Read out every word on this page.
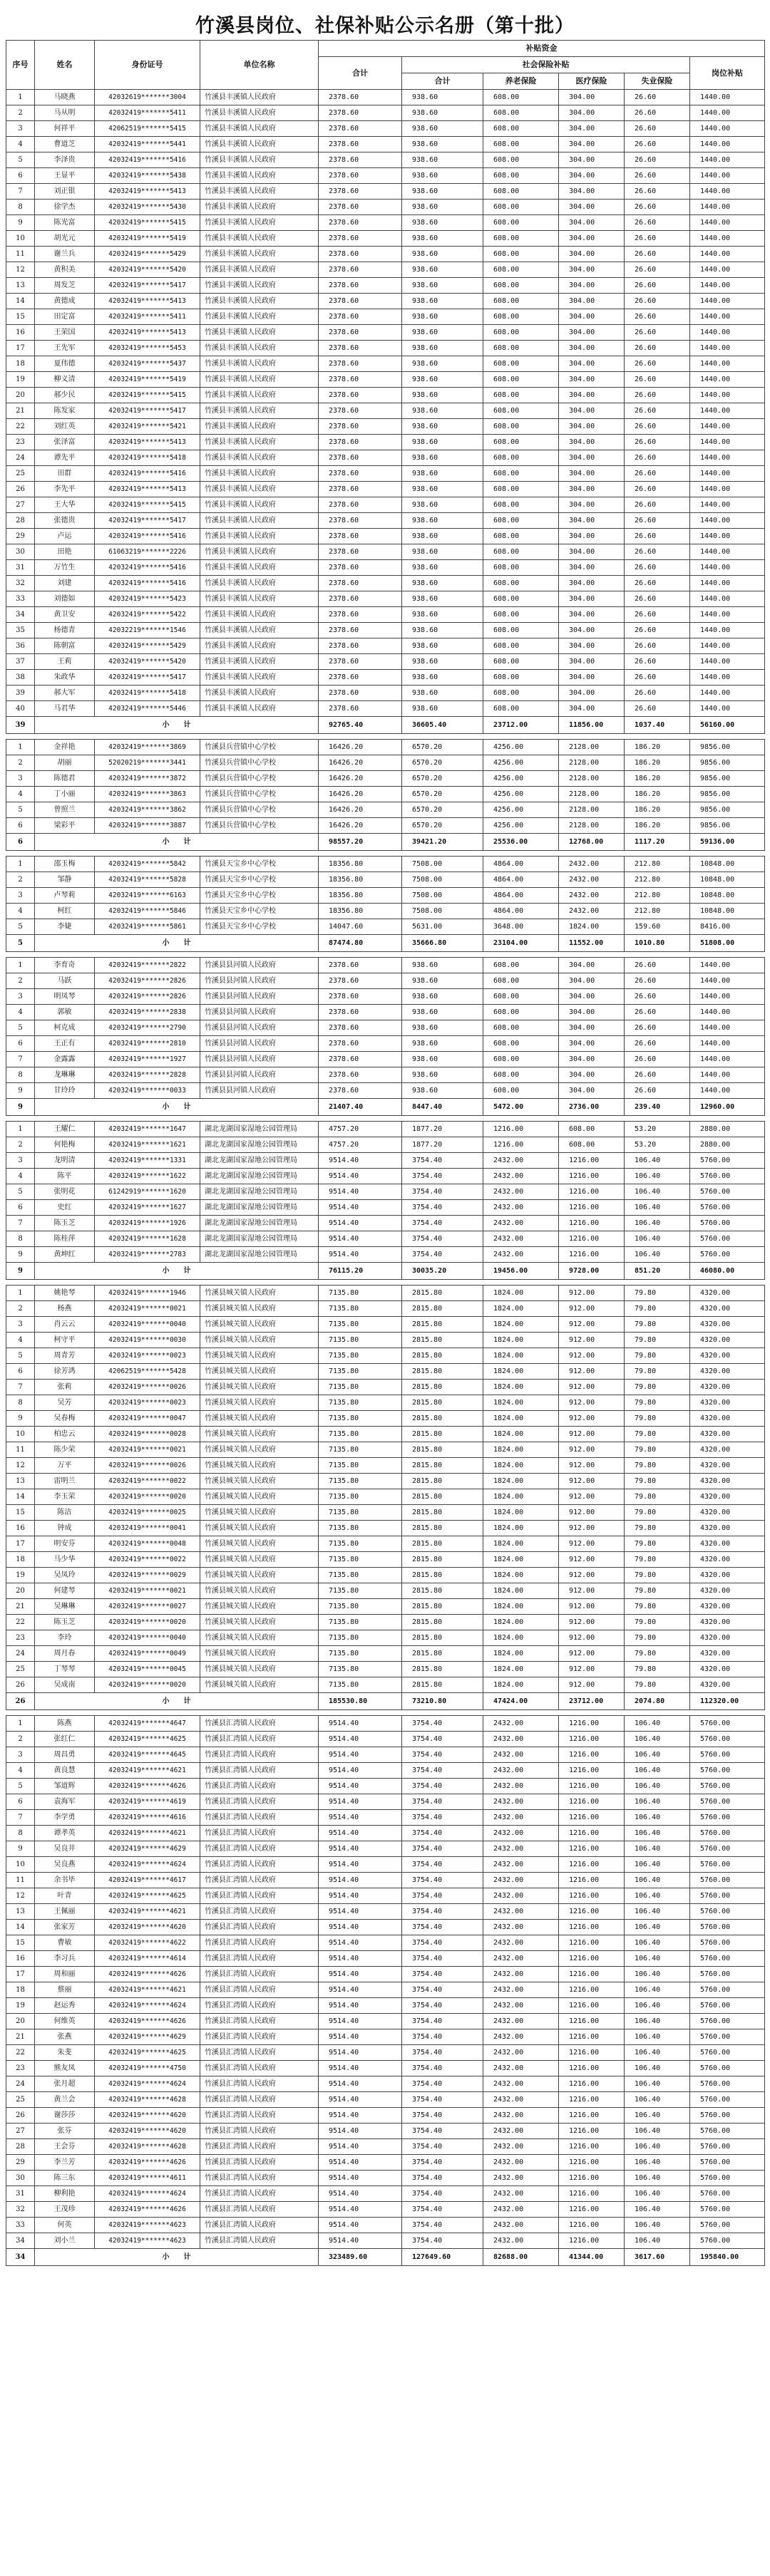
竹溪县岗位、社保补贴公示名册（第十批）
序号	姓名	身份证号	单位名称	补贴资金					
				合计	社会保险补贴				岗位补贴
					合计	养老保险	医疗保险	失业保险	
1	马晓燕	42032619*******3004	竹溪县丰溪镇人民政府	2378.60	938.60	608.00	304.00	26.60	1440.00
2	马从明	42032419*******5411	竹溪县丰溪镇人民政府	2378.60	938.60	608.00	304.00	26.60	1440.00
3	何祥平	42062519*******5415	竹溪县丰溪镇人民政府	2378.60	938.60	608.00	304.00	26.60	1440.00
4	曹道芝	42032419*******5441	竹溪县丰溪镇人民政府	2378.60	938.60	608.00	304.00	26.60	1440.00
5	李泽贵	42032419*******5416	竹溪县丰溪镇人民政府	2378.60	938.60	608.00	304.00	26.60	1440.00
6	王显平	42032419*******5438	竹溪县丰溪镇人民政府	2378.60	938.60	608.00	304.00	26.60	1440.00
7	刘正银	42032419*******5413	竹溪县丰溪镇人民政府	2378.60	938.60	608.00	304.00	26.60	1440.00
8	徐学杰	42032419*******5430	竹溪县丰溪镇人民政府	2378.60	938.60	608.00	304.00	26.60	1440.00
9	陈光富	42032419*******5415	竹溪县丰溪镇人民政府	2378.60	938.60	608.00	304.00	26.60	1440.00
10	胡光元	42032419*******5419	竹溪县丰溪镇人民政府	2378.60	938.60	608.00	304.00	26.60	1440.00
11	谢兰兵	42032419*******5429	竹溪县丰溪镇人民政府	2378.60	938.60	608.00	304.00	26.60	1440.00
12	黄积美	42032419*******5420	竹溪县丰溪镇人民政府	2378.60	938.60	608.00	304.00	26.60	1440.00
13	周发芝	42032419*******5417	竹溪县丰溪镇人民政府	2378.60	938.60	608.00	304.00	26.60	1440.00
14	黄德成	42032419*******5413	竹溪县丰溪镇人民政府	2378.60	938.60	608.00	304.00	26.60	1440.00
15	田定富	42032419*******5411	竹溪县丰溪镇人民政府	2378.60	938.60	608.00	304.00	26.60	1440.00
16	王荣国	42032419*******5413	竹溪县丰溪镇人民政府	2378.60	938.60	608.00	304.00	26.60	1440.00
17	王先军	42032419*******5453	竹溪县丰溪镇人民政府	2378.60	938.60	608.00	304.00	26.60	1440.00
18	夏伟德	42032419*******5437	竹溪县丰溪镇人民政府	2378.60	938.60	608.00	304.00	26.60	1440.00
19	柳义清	42032419*******5419	竹溪县丰溪镇人民政府	2378.60	938.60	608.00	304.00	26.60	1440.00
20	郝少民	42032419*******5415	竹溪县丰溪镇人民政府	2378.60	938.60	608.00	304.00	26.60	1440.00
21	陈发家	42032419*******5417	竹溪县丰溪镇人民政府	2378.60	938.60	608.00	304.00	26.60	1440.00
22	刘红英	42032419*******5421	竹溪县丰溪镇人民政府	2378.60	938.60	608.00	304.00	26.60	1440.00
23	张泽富	42032419*******5413	竹溪县丰溪镇人民政府	2378.60	938.60	608.00	304.00	26.60	1440.00
24	谭先平	42032419*******5418	竹溪县丰溪镇人民政府	2378.60	938.60	608.00	304.00	26.60	1440.00
25	田群	42032419*******5416	竹溪县丰溪镇人民政府	2378.60	938.60	608.00	304.00	26.60	1440.00
26	李先平	42032419*******5413	竹溪县丰溪镇人民政府	2378.60	938.60	608.00	304.00	26.60	1440.00
27	王大华	42032419*******5415	竹溪县丰溪镇人民政府	2378.60	938.60	608.00	304.00	26.60	1440.00
28	张德贵	42032419*******5417	竹溪县丰溪镇人民政府	2378.60	938.60	608.00	304.00	26.60	1440.00
29	卢运	42032419*******5416	竹溪县丰溪镇人民政府	2378.60	938.60	608.00	304.00	26.60	1440.00
30	田艳	61063219*******2226	竹溪县丰溪镇人民政府	2378.60	938.60	608.00	304.00	26.60	1440.00
31	万竹生	42032419*******5416	竹溪县丰溪镇人民政府	2378.60	938.60	608.00	304.00	26.60	1440.00
32	刘建	42032419*******5416	竹溪县丰溪镇人民政府	2378.60	938.60	608.00	304.00	26.60	1440.00
33	刘德如	42032419*******5423	竹溪县丰溪镇人民政府	2378.60	938.60	608.00	304.00	26.60	1440.00
34	黄卫安	42032419*******5422	竹溪县丰溪镇人民政府	2378.60	938.60	608.00	304.00	26.60	1440.00
35	杨德青	42032219*******1546	竹溪县丰溪镇人民政府	2378.60	938.60	608.00	304.00	26.60	1440.00
36	陈朝富	42032419*******5429	竹溪县丰溪镇人民政府	2378.60	938.60	608.00	304.00	26.60	1440.00
37	王莉	42032419*******5420	竹溪县丰溪镇人民政府	2378.60	938.60	608.00	304.00	26.60	1440.00
38	朱政华	42032419*******5417	竹溪县丰溪镇人民政府	2378.60	938.60	608.00	304.00	26.60	1440.00
39	郝大军	42032419*******5418	竹溪县丰溪镇人民政府	2378.60	938.60	608.00	304.00	26.60	1440.00
40	马君华	42032419*******5446	竹溪县丰溪镇人民政府	2378.60	938.60	608.00	304.00	26.60	1440.00
39	小　　计			92765.40	36605.40	23712.00	11856.00	1037.40	56160.00

1	金祥艳	42032419*******3869	竹溪县兵营镇中心学校	16426.20	6570.20	4256.00	2128.00	186.20	9856.00
2	胡丽	52020219*******3441	竹溪县兵营镇中心学校	16426.20	6570.20	4256.00	2128.00	186.20	9856.00
3	陈德君	42032419*******3872	竹溪县兵营镇中心学校	16426.20	6570.20	4256.00	2128.00	186.20	9856.00
4	丁小丽	42032419*******3863	竹溪县兵营镇中心学校	16426.20	6570.20	4256.00	2128.00	186.20	9856.00
5	曾照兰	42032419*******3862	竹溪县兵营镇中心学校	16426.20	6570.20	4256.00	2128.00	186.20	9856.00
6	梁彩平	42032419*******3887	竹溪县兵营镇中心学校	16426.20	6570.20	4256.00	2128.00	186.20	9856.00
6	小　　计			98557.20	39421.20	25536.00	12768.00	1117.20	59136.00

1	邵玉梅	42032419*******5842	竹溪县天宝乡中心学校	18356.80	7508.00	4864.00	2432.00	212.80	10848.00
2	邹静	42032419*******5828	竹溪县天宝乡中心学校	18356.80	7508.00	4864.00	2432.00	212.80	10848.00
3	卢琴莉	42032419*******6163	竹溪县天宝乡中心学校	18356.80	7508.00	4864.00	2432.00	212.80	10848.00
4	柯红	42032419*******5846	竹溪县天宝乡中心学校	18356.80	7508.00	4864.00	2432.00	212.80	10848.00
5	李婕	42032419*******5861	竹溪县天宝乡中心学校	14047.60	5631.00	3648.00	1824.00	159.60	8416.00
5	小　　计			87474.80	35666.80	23104.00	11552.00	1010.80	51808.00

1	李育奇	42032419*******2822	竹溪县县河镇人民政府	2378.60	938.60	608.00	304.00	26.60	1440.00
2	马跃	42032419*******2826	竹溪县县河镇人民政府	2378.60	938.60	608.00	304.00	26.60	1440.00
3	明凤琴	42032419*******2826	竹溪县县河镇人民政府	2378.60	938.60	608.00	304.00	26.60	1440.00
4	郭敏	42032419*******2838	竹溪县县河镇人民政府	2378.60	938.60	608.00	304.00	26.60	1440.00
5	柯克成	42032419*******2790	竹溪县县河镇人民政府	2378.60	938.60	608.00	304.00	26.60	1440.00
6	王正有	42032419*******2810	竹溪县县河镇人民政府	2378.60	938.60	608.00	304.00	26.60	1440.00
7	金露露	42032419*******1927	竹溪县县河镇人民政府	2378.60	938.60	608.00	304.00	26.60	1440.00
8	龙琳琳	42032419*******2828	竹溪县县河镇人民政府	2378.60	938.60	608.00	304.00	26.60	1440.00
9	甘玲玲	42032419*******0033	竹溪县县河镇人民政府	2378.60	938.60	608.00	304.00	26.60	1440.00
9	小　　计			21407.40	8447.40	5472.00	2736.00	239.40	12960.00

1	王耀仁	42032419*******1647	湖北龙湖国家湿地公园管理局	4757.20	1877.20	1216.00	608.00	53.20	2880.00
2	何艳梅	42032419*******1621	湖北龙湖国家湿地公园管理局	4757.20	1877.20	1216.00	608.00	53.20	2880.00
3	龙明清	42032419*******1331	湖北龙湖国家湿地公园管理局	9514.40	3754.40	2432.00	1216.00	106.40	5760.00
4	陈平	42032419*******1622	湖北龙湖国家湿地公园管理局	9514.40	3754.40	2432.00	1216.00	106.40	5760.00
5	张明花	61242919*******1620	湖北龙湖国家湿地公园管理局	9514.40	3754.40	2432.00	1216.00	106.40	5760.00
6	史红	42032419*******1627	湖北龙湖国家湿地公园管理局	9514.40	3754.40	2432.00	1216.00	106.40	5760.00
7	陈玉芝	42032419*******1926	湖北龙湖国家湿地公园管理局	9514.40	3754.40	2432.00	1216.00	106.40	5760.00
8	陈桂萍	42032419*******1628	湖北龙湖国家湿地公园管理局	9514.40	3754.40	2432.00	1216.00	106.40	5760.00
9	黄坤红	42032419*******2783	湖北龙湖国家湿地公园管理局	9514.40	3754.40	2432.00	1216.00	106.40	5760.00
9	小　　计			76115.20	30035.20	19456.00	9728.00	851.20	46080.00

1	姚艳琴	42032419*******1946	竹溪县城关镇人民政府	7135.80	2815.80	1824.00	912.00	79.80	4320.00
2	杨燕	42032419*******0021	竹溪县城关镇人民政府	7135.80	2815.80	1824.00	912.00	79.80	4320.00
3	肖云云	42032419*******0040	竹溪县城关镇人民政府	7135.80	2815.80	1824.00	912.00	79.80	4320.00
4	柯守平	42032419*******0030	竹溪县城关镇人民政府	7135.80	2815.80	1824.00	912.00	79.80	4320.00
5	周青芳	42032419*******0023	竹溪县城关镇人民政府	7135.80	2815.80	1824.00	912.00	79.80	4320.00
6	徐芳鸿	42062519*******5428	竹溪县城关镇人民政府	7135.80	2815.80	1824.00	912.00	79.80	4320.00
7	张莉	42032419*******0026	竹溪县城关镇人民政府	7135.80	2815.80	1824.00	912.00	79.80	4320.00
8	吴芳	42032419*******0023	竹溪县城关镇人民政府	7135.80	2815.80	1824.00	912.00	79.80	4320.00
9	吴春梅	42032419*******0047	竹溪县城关镇人民政府	7135.80	2815.80	1824.00	912.00	79.80	4320.00
10	柏忠云	42032419*******0028	竹溪县城关镇人民政府	7135.80	2815.80	1824.00	912.00	79.80	4320.00
11	陈少荣	42032419*******0021	竹溪县城关镇人民政府	7135.80	2815.80	1824.00	912.00	79.80	4320.00
12	万平	42032419*******0026	竹溪县城关镇人民政府	7135.80	2815.80	1824.00	912.00	79.80	4320.00
13	雷明兰	42032419*******0022	竹溪县城关镇人民政府	7135.80	2815.80	1824.00	912.00	79.80	4320.00
14	李玉荣	42032419*******0020	竹溪县城关镇人民政府	7135.80	2815.80	1824.00	912.00	79.80	4320.00
15	陈洁	42032419*******0025	竹溪县城关镇人民政府	7135.80	2815.80	1824.00	912.00	79.80	4320.00
16	钟成	42032419*******0041	竹溪县城关镇人民政府	7135.80	2815.80	1824.00	912.00	79.80	4320.00
17	明安芬	42032419*******0048	竹溪县城关镇人民政府	7135.80	2815.80	1824.00	912.00	79.80	4320.00
18	马少华	42032419*******0022	竹溪县城关镇人民政府	7135.80	2815.80	1824.00	912.00	79.80	4320.00
19	吴凤玲	42032419*******0029	竹溪县城关镇人民政府	7135.80	2815.80	1824.00	912.00	79.80	4320.00
20	何建琴	42032419*******0021	竹溪县城关镇人民政府	7135.80	2815.80	1824.00	912.00	79.80	4320.00
21	吴琳琳	42032419*******0027	竹溪县城关镇人民政府	7135.80	2815.80	1824.00	912.00	79.80	4320.00
22	陈玉芝	42032419*******0020	竹溪县城关镇人民政府	7135.80	2815.80	1824.00	912.00	79.80	4320.00
23	李玲	42032419*******0040	竹溪县城关镇人民政府	7135.80	2815.80	1824.00	912.00	79.80	4320.00
24	周月春	42032419*******0049	竹溪县城关镇人民政府	7135.80	2815.80	1824.00	912.00	79.80	4320.00
25	丁琴琴	42032419*******0045	竹溪县城关镇人民政府	7135.80	2815.80	1824.00	912.00	79.80	4320.00
26	吴成南	42032419*******0020	竹溪县城关镇人民政府	7135.80	2815.80	1824.00	912.00	79.80	4320.00
26	小　　计			185530.80	73210.80	47424.00	23712.00	2074.80	112320.00

1	陈燕	42032419*******4647	竹溪县汇湾镇人民政府	9514.40	3754.40	2432.00	1216.00	106.40	5760.00
2	张红仁	42032419*******4625	竹溪县汇湾镇人民政府	9514.40	3754.40	2432.00	1216.00	106.40	5760.00
3	周昌勇	42032419*******4645	竹溪县汇湾镇人民政府	9514.40	3754.40	2432.00	1216.00	106.40	5760.00
4	黄良慧	42032419*******4621	竹溪县汇湾镇人民政府	9514.40	3754.40	2432.00	1216.00	106.40	5760.00
5	邹道辉	42032419*******4626	竹溪县汇湾镇人民政府	9514.40	3754.40	2432.00	1216.00	106.40	5760.00
6	袁海军	42032419*******4619	竹溪县汇湾镇人民政府	9514.40	3754.40	2432.00	1216.00	106.40	5760.00
7	李学勇	42032419*******4616	竹溪县汇湾镇人民政府	9514.40	3754.40	2432.00	1216.00	106.40	5760.00
8	谭孝英	42032419*******4621	竹溪县汇湾镇人民政府	9514.40	3754.40	2432.00	1216.00	106.40	5760.00
9	吴良井	42032419*******4629	竹溪县汇湾镇人民政府	9514.40	3754.40	2432.00	1216.00	106.40	5760.00
10	吴良燕	42032419*******4624	竹溪县汇湾镇人民政府	9514.40	3754.40	2432.00	1216.00	106.40	5760.00
11	余书毕	42032419*******4617	竹溪县汇湾镇人民政府	9514.40	3754.40	2432.00	1216.00	106.40	5760.00
12	叶青	42032419*******4625	竹溪县汇湾镇人民政府	9514.40	3754.40	2432.00	1216.00	106.40	5760.00
13	王佩丽	42032419*******4621	竹溪县汇湾镇人民政府	9514.40	3754.40	2432.00	1216.00	106.40	5760.00
14	张家芳	42032419*******4620	竹溪县汇湾镇人民政府	9514.40	3754.40	2432.00	1216.00	106.40	5760.00
15	曹敏	42032419*******4622	竹溪县汇湾镇人民政府	9514.40	3754.40	2432.00	1216.00	106.40	5760.00
16	李习兵	42032419*******4614	竹溪县汇湾镇人民政府	9514.40	3754.40	2432.00	1216.00	106.40	5760.00
17	周和丽	42032419*******4626	竹溪县汇湾镇人民政府	9514.40	3754.40	2432.00	1216.00	106.40	5760.00
18	蔡丽	42032419*******4621	竹溪县汇湾镇人民政府	9514.40	3754.40	2432.00	1216.00	106.40	5760.00
19	赵运秀	42032419*******4624	竹溪县汇湾镇人民政府	9514.40	3754.40	2432.00	1216.00	106.40	5760.00
20	何维英	42032419*******4626	竹溪县汇湾镇人民政府	9514.40	3754.40	2432.00	1216.00	106.40	5760.00
21	张燕	42032419*******4629	竹溪县汇湾镇人民政府	9514.40	3754.40	2432.00	1216.00	106.40	5760.00
22	朱斐	42032419*******4625	竹溪县汇湾镇人民政府	9514.40	3754.40	2432.00	1216.00	106.40	5760.00
23	熊友凤	42032419*******4750	竹溪县汇湾镇人民政府	9514.40	3754.40	2432.00	1216.00	106.40	5760.00
24	张月超	42032419*******4624	竹溪县汇湾镇人民政府	9514.40	3754.40	2432.00	1216.00	106.40	5760.00
25	黄兰会	42032419*******4628	竹溪县汇湾镇人民政府	9514.40	3754.40	2432.00	1216.00	106.40	5760.00
26	谢莎莎	42032419*******4620	竹溪县汇湾镇人民政府	9514.40	3754.40	2432.00	1216.00	106.40	5760.00
27	张芬	42032419*******4620	竹溪县汇湾镇人民政府	9514.40	3754.40	2432.00	1216.00	106.40	5760.00
28	王会芬	42032419*******4628	竹溪县汇湾镇人民政府	9514.40	3754.40	2432.00	1216.00	106.40	5760.00
29	李兰芳	42032419*******4626	竹溪县汇湾镇人民政府	9514.40	3754.40	2432.00	1216.00	106.40	5760.00
30	陈三东	42032419*******4611	竹溪县汇湾镇人民政府	9514.40	3754.40	2432.00	1216.00	106.40	5760.00
31	柳利艳	42032419*******4624	竹溪县汇湾镇人民政府	9514.40	3754.40	2432.00	1216.00	106.40	5760.00
32	王茂珍	42032419*******4626	竹溪县汇湾镇人民政府	9514.40	3754.40	2432.00	1216.00	106.40	5760.00
33	何英	42032419*******4623	竹溪县汇湾镇人民政府	9514.40	3754.40	2432.00	1216.00	106.40	5760.00
34	刘小兰	42032419*******4623	竹溪县汇湾镇人民政府	9514.40	3754.40	2432.00	1216.00	106.40	5760.00
34	小　　计			323489.60	127649.60	82688.00	41344.00	3617.60	195840.00
